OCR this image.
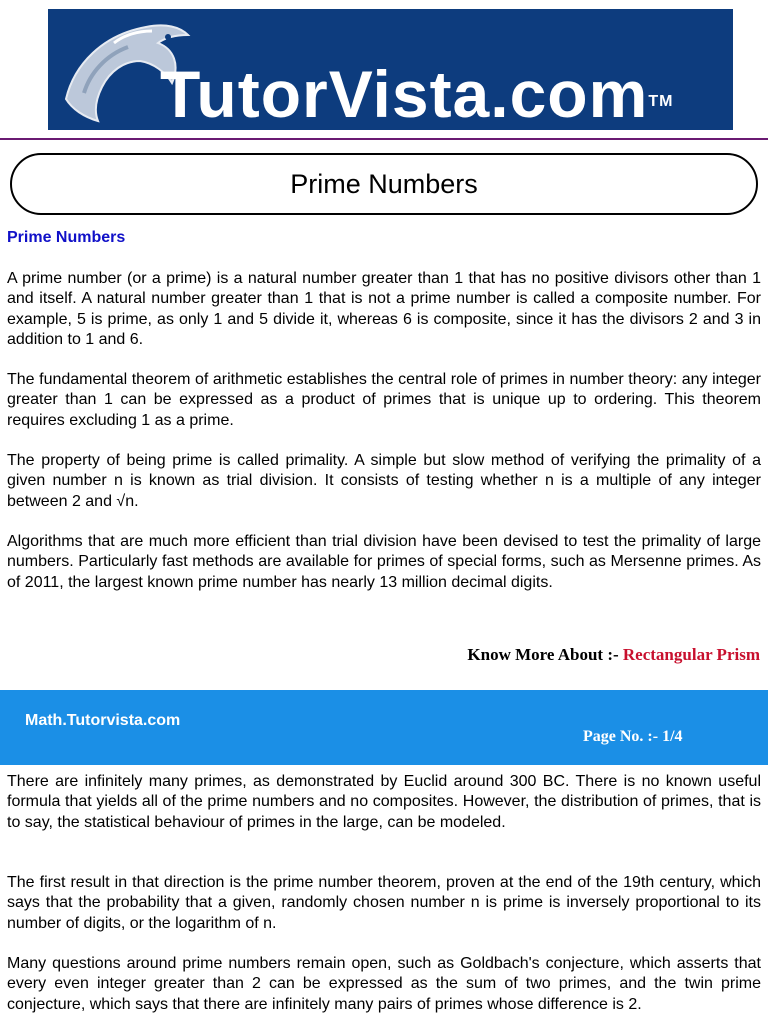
TutorVista.com™
Prime Numbers
Prime Numbers

A prime number (or a prime) is a natural number greater than 1 that has no positive divisors other than 1 and itself. A natural number greater than 1 that is not a prime number is called a composite number. For example, 5 is prime, as only 1 and 5 divide it, whereas 6 is composite, since it has the divisors 2 and 3 in addition to 1 and 6.

The fundamental theorem of arithmetic establishes the central role of primes in number theory: any integer greater than 1 can be expressed as a product of primes that is unique up to ordering. This theorem requires excluding 1 as a prime.

The property of being prime is called primality. A simple but slow method of verifying the primality of a given number n is known as trial division. It consists of testing whether n is a multiple of any integer between 2 and √n.

Algorithms that are much more efficient than trial division have been devised to test the primality of large numbers. Particularly fast methods are available for primes of special forms, such as Mersenne primes. As of 2011, the largest known prime number has nearly 13 million decimal digits.

Know More About :- Rectangular Prism
Math.Tutorvista.com
Page No. :- 1/4

There are infinitely many primes, as demonstrated by Euclid around 300 BC. There is no known useful formula that yields all of the prime numbers and no composites. However, the distribution of primes, that is to say, the statistical behaviour of primes in the large, can be modeled.

The first result in that direction is the prime number theorem, proven at the end of the 19th century, which says that the probability that a given, randomly chosen number n is prime is inversely proportional to its number of digits, or the logarithm of n.

Many questions around prime numbers remain open, such as Goldbach's conjecture, which asserts that every even integer greater than 2 can be expressed as the sum of two primes, and the twin prime conjecture, which says that there are infinitely many pairs of primes whose difference is 2.
